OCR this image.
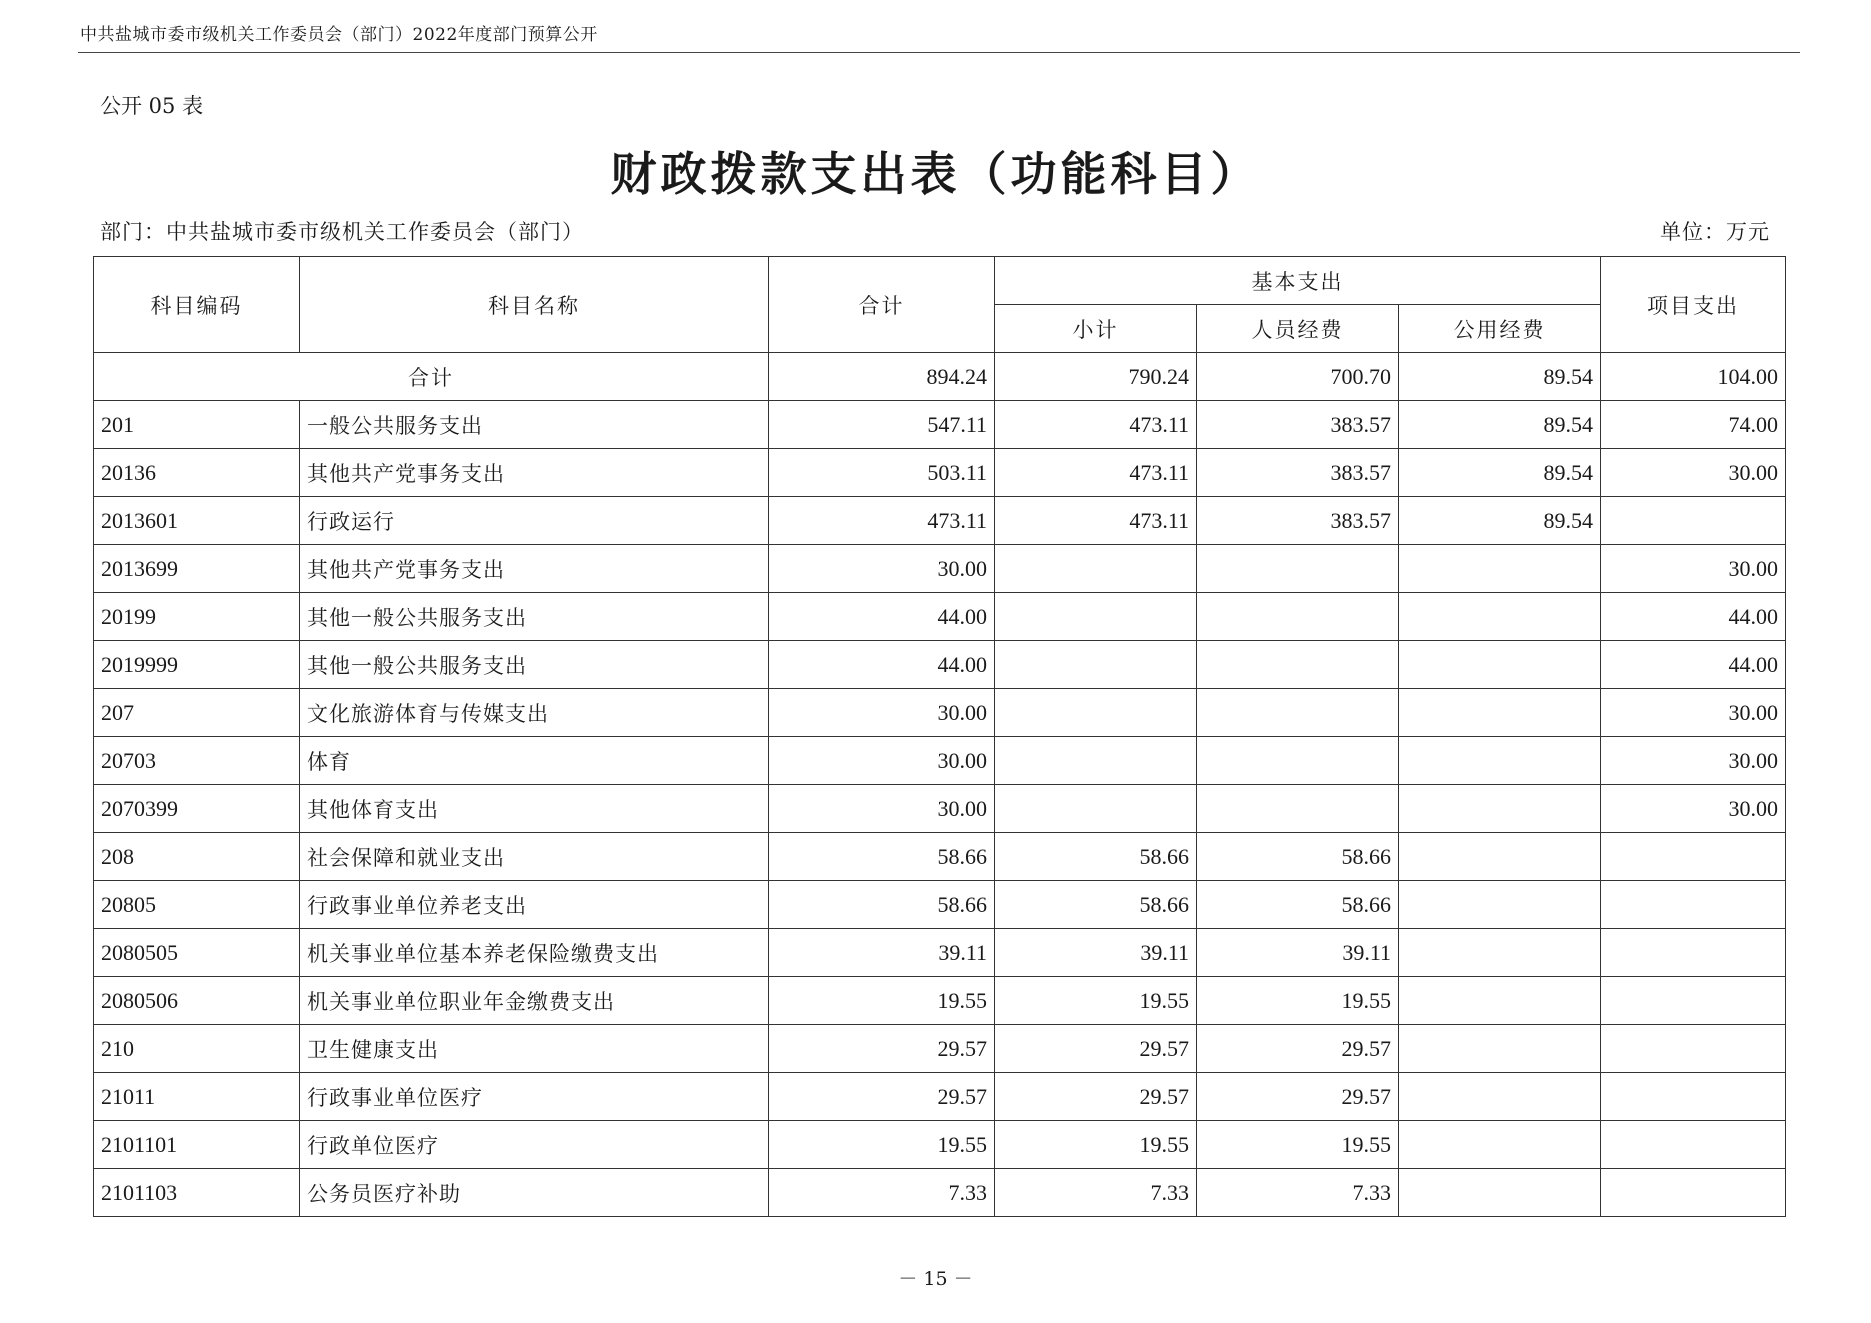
中共盐城市委市级机关工作委员会（部门）2022年度部门预算公开
公开 05 表
财政拨款支出表（功能科目）
部门：中共盐城市委市级机关工作委员会（部门）	单位：万元
科目编码	科目名称	合计	基本支出			项目支出
			小计	人员经费	公用经费	
合计		894.24	790.24	700.70	89.54	104.00
201	一般公共服务支出	547.11	473.11	383.57	89.54	74.00
20136	其他共产党事务支出	503.11	473.11	383.57	89.54	30.00
2013601	行政运行	473.11	473.11	383.57	89.54	
2013699	其他共产党事务支出	30.00				30.00
20199	其他一般公共服务支出	44.00				44.00
2019999	其他一般公共服务支出	44.00				44.00
207	文化旅游体育与传媒支出	30.00				30.00
20703	体育	30.00				30.00
2070399	其他体育支出	30.00				30.00
208	社会保障和就业支出	58.66	58.66	58.66		
20805	行政事业单位养老支出	58.66	58.66	58.66		
2080505	机关事业单位基本养老保险缴费支出	39.11	39.11	39.11		
2080506	机关事业单位职业年金缴费支出	19.55	19.55	19.55		
210	卫生健康支出	29.57	29.57	29.57		
21011	行政事业单位医疗	29.57	29.57	29.57		
2101101	行政单位医疗	19.55	19.55	19.55		
2101103	公务员医疗补助	7.33	7.33	7.33		
－ 15 －
